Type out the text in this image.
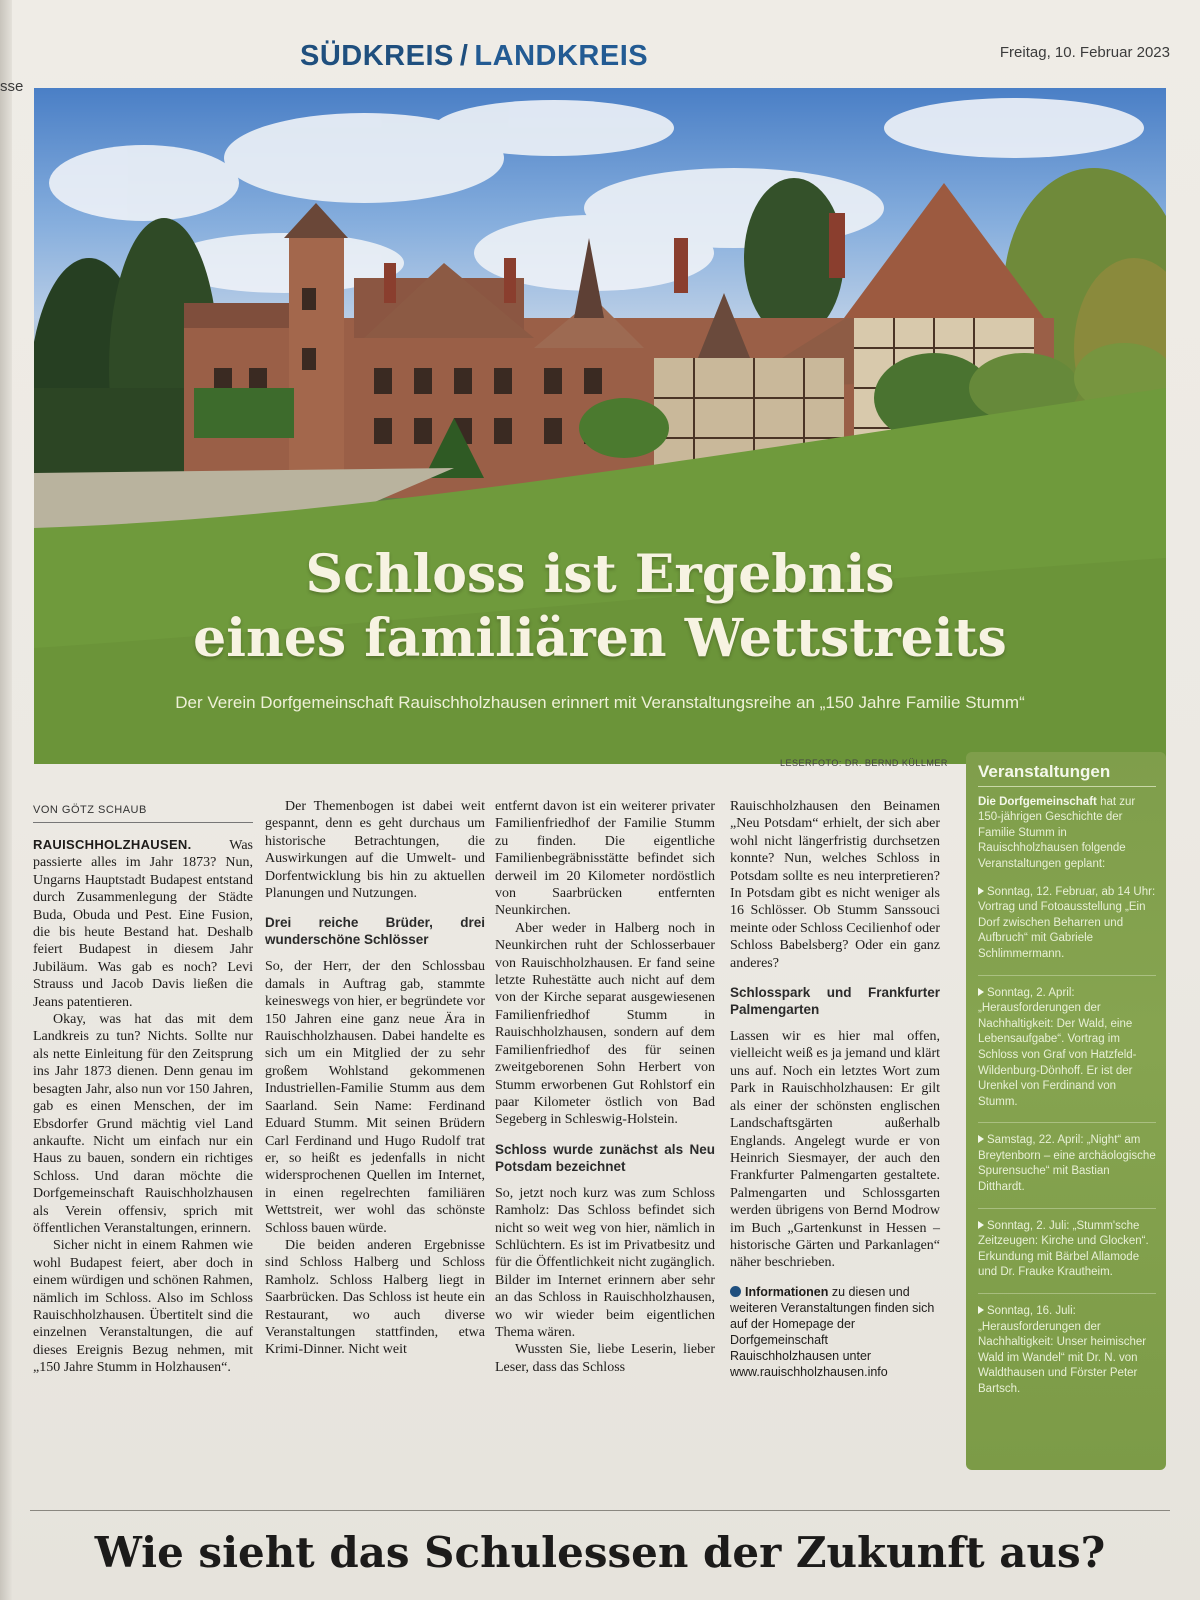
sse
SÜDKREIS / LANDKREIS	Freitag, 10. Februar 2023
Schloss ist Ergebnis
eines familiären Wettstreits
Der Verein Dorfgemeinschaft Rauischholzhausen erinnert mit Veranstaltungsreihe an „150 Jahre Familie Stumm“
LESERFOTO: DR. BERND KÜLLMER
VON GÖTZ SCHAUB

RAUISCHHOLZHAUSEN.	Was passierte alles im Jahr 1873? Nun, Ungarns Hauptstadt Budapest entstand durch Zusammenlegung der Städte Buda, Obuda und Pest. Eine Fusion, die bis heute Bestand hat. Deshalb feiert Budapest in diesem Jahr Jubiläum. Was gab es noch? Levi Strauss und Jacob Davis ließen die Jeans patentieren.

Okay, was hat das mit dem Landkreis zu tun? Nichts. Sollte nur als nette Einleitung für den Zeitsprung ins Jahr 1873 dienen. Denn genau im besagten Jahr, also nun vor 150 Jahren, gab es einen Menschen, der im Ebsdorfer Grund mächtig viel Land ankaufte. Nicht um einfach nur ein Haus zu bauen, sondern ein richtiges Schloss. Und daran möchte die Dorfgemeinschaft Rauischholzhausen als Verein offensiv, sprich mit öffentlichen Veranstaltungen, erinnern.

Sicher nicht in einem Rahmen wie wohl Budapest feiert, aber doch in einem würdigen und schönen Rahmen, nämlich im Schloss. Also im Schloss Rauischholzhausen. Übertitelt sind die einzelnen Veranstaltungen, die auf dieses Ereignis Bezug nehmen, mit „150 Jahre Stumm in Holzhausen“.

Der Themenbogen ist dabei weit gespannt, denn es geht durchaus um historische Betrachtungen, die Auswirkungen auf die Umwelt- und Dorfentwicklung bis hin zu aktuellen Planungen und Nutzungen.

Drei reiche Brüder, drei wunderschöne Schlösser

So, der Herr, der den Schlossbau damals in Auftrag gab, stammte keineswegs von hier, er begründete vor 150 Jahren eine ganz neue Ära in Rauischholzhausen. Dabei handelte es sich um ein Mitglied der zu sehr großem Wohlstand gekommenen Industriellen-Familie Stumm aus dem Saarland. Sein Name: Ferdinand Eduard Stumm. Mit seinen Brüdern Carl Ferdinand und Hugo Rudolf trat er, so heißt es jedenfalls in nicht widersprochenen Quellen im Internet, in einen regelrechten familiären Wettstreit, wer wohl das schönste Schloss bauen würde.

Die beiden anderen Ergebnisse sind Schloss Halberg und Schloss Ramholz. Schloss Halberg liegt in Saarbrücken. Das Schloss ist heute ein Restaurant, wo auch diverse Veranstaltungen stattfinden, etwa Krimi-Dinner. Nicht weit

entfernt davon ist ein weiterer privater Familienfriedhof der Familie Stumm zu finden. Die eigentliche Familienbegräbnisstätte befindet sich derweil im 20 Kilometer nordöstlich von Saarbrücken entfernten Neunkirchen.

Aber weder in Halberg noch in Neunkirchen ruht der Schlosserbauer von Rauischholzhausen. Er fand seine letzte Ruhestätte auch nicht auf dem von der Kirche separat ausgewiesenen Familienfriedhof Stumm in Rauischholzhausen, sondern auf dem Familienfriedhof des für seinen zweitgeborenen Sohn Herbert von Stumm erworbenen Gut Rohlstorf ein paar Kilometer östlich von Bad Segeberg in Schleswig-Holstein.

Schloss wurde zunächst als Neu Potsdam bezeichnet

So, jetzt noch kurz was zum Schloss Ramholz: Das Schloss befindet sich nicht so weit weg von hier, nämlich in Schlüchtern. Es ist im Privatbesitz und für die Öffentlichkeit nicht zugänglich. Bilder im Internet erinnern aber sehr an das Schloss in Rauischholzhausen, wo wir wieder beim eigentlichen Thema wären.

Wussten Sie, liebe Leserin, lieber Leser, dass das Schloss

Rauischholzhausen den Beinamen „Neu Potsdam“ erhielt, der sich aber wohl nicht längerfristig durchsetzen konnte? Nun, welches Schloss in Potsdam sollte es neu interpretieren? In Potsdam gibt es nicht weniger als 16 Schlösser. Ob Stumm Sanssouci meinte oder Schloss Cecilienhof oder Schloss Babelsberg? Oder ein ganz anderes?

Schlosspark und Frankfurter Palmengarten

Lassen wir es hier mal offen, vielleicht weiß es ja jemand und klärt uns auf. Noch ein letztes Wort zum Park in Rauischholzhausen: Er gilt als einer der schönsten englischen Landschaftsgärten außerhalb Englands. Angelegt wurde er von Heinrich Siesmayer, der auch den Frankfurter Palmengarten gestaltete. Palmengarten und Schlossgarten werden übrigens von Bernd Modrow im Buch „Gartenkunst in Hessen – historische Gärten und Parkanlagen“ näher beschrieben.

Informationen zu diesen und weiteren Veranstaltungen finden sich auf der Homepage der Dorfgemeinschaft Rauischholzhausen unter www.rauischholzhausen.info
Veranstaltungen
Die Dorfgemeinschaft hat zur 150-jährigen Geschichte der Familie Stumm in Rauischholzhausen folgende Veranstaltungen geplant:
Sonntag, 12. Februar, ab 14 Uhr: Vortrag und Fotoausstellung „Ein Dorf zwischen Beharren und Aufbruch“ mit Gabriele Schlimmermann.
Sonntag, 2. April: „Herausforderungen der Nachhaltigkeit: Der Wald, eine Lebensaufgabe“. Vortrag im Schloss von Graf von Hatzfeld-Wildenburg-Dönhoff. Er ist der Urenkel von Ferdinand von Stumm.
Samstag, 22. April: „Night“ am Breytenborn – eine archäologische Spurensuche“ mit Bastian Ditthardt.
Sonntag, 2. Juli: „Stumm'sche Zeitzeugen: Kirche und Glocken“. Erkundung mit Bärbel Allamode und Dr. Frauke Krautheim.
Sonntag, 16. Juli: „Herausforderungen der Nachhaltigkeit: Unser heimischer Wald im Wandel“ mit Dr. N. von Waldthausen und Förster Peter Bartsch.
Wie sieht das Schulessen der Zukunft aus?
